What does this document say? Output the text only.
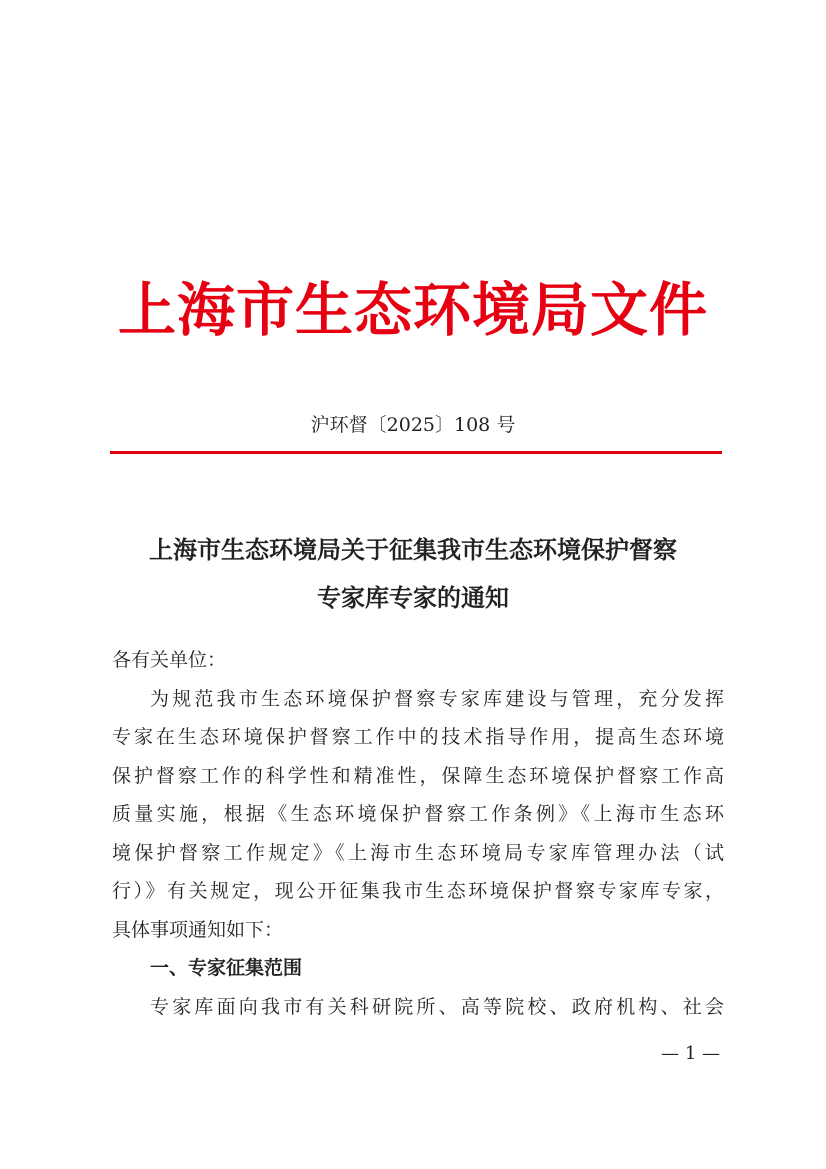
上海市生态环境局文件
沪环督〔2025〕108 号
上海市生态环境局关于征集我市生态环境保护督察
专家库专家的通知
各有关单位：
为规范我市生态环境保护督察专家库建设与管理，充分发挥
专家在生态环境保护督察工作中的技术指导作用，提高生态环境
保护督察工作的科学性和精准性，保障生态环境保护督察工作高
质量实施，根据《生态环境保护督察工作条例》《上海市生态环
境保护督察工作规定》《上海市生态环境局专家库管理办法（试
行）》有关规定，现公开征集我市生态环境保护督察专家库专家，
具体事项通知如下：
一、专家征集范围
专家库面向我市有关科研院所、高等院校、政府机构、社会
— 1 —
